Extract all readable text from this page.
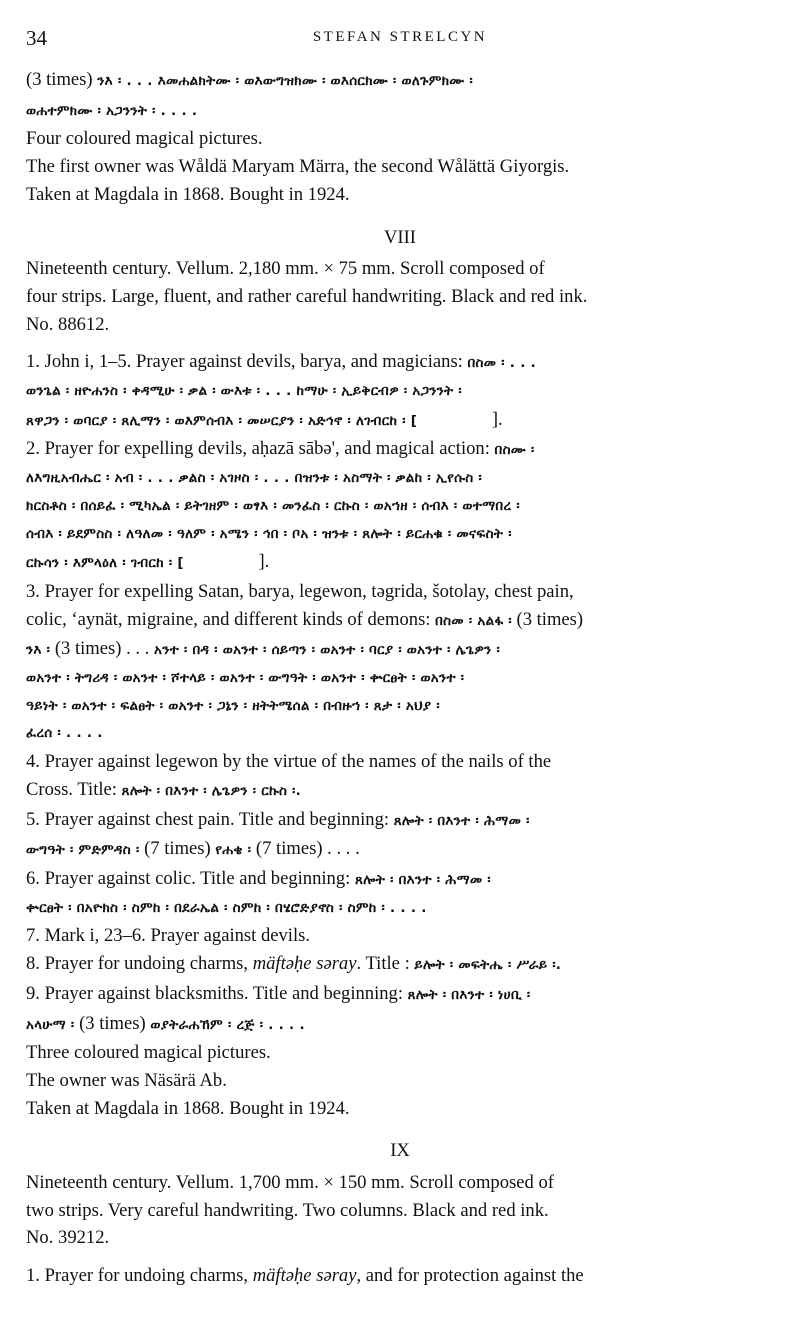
34	STEFAN STRELCYN

(3 times) ንእ ፡ . . . እመሐልክትሙ ፡ ወእውግዝክሙ ፡ ወእሰርክሙ ፡ ወለጉምክሙ ፡

ወሐተምክሙ ፡ አጋንንት ፡ . . . .

Four coloured magical pictures.

The first owner was Wåldä Maryam Märra, the second Wålättä Giyorgis.

Taken at Magdala in 1868. Bought in 1924.

VIII

Nineteenth century. Vellum. 2,180 mm. × 75 mm. Scroll composed of

four strips. Large, fluent, and rather careful handwriting. Black and red ink.

No. 88612.

1. John i, 1–5. Prayer against devils, barya, and magicians: በስመ ፡ . . .

ወንጌል ፡ ዘዮሐንስ ፡ ቀዳሚሁ ፡ ቃል ፡ ውእቱ ፡ . . . ከማሁ ፡ ኢይቅርብዎ ፡ አጋንንት ፡

ጸዋጋን ፡ ወባርያ ፡ ጸሊማን ፡ ወእምሰብእ ፡ መሠርያን ፡ አድኅኖ ፡ ለገብርከ ፡ [	].

2. Prayer for expelling devils, aḥazā sābə', and magical action: በስሙ ፡

ለእግዚአብሔር ፡ አብ ፡ . . . ቃልስ ፡ አገዞስ ፡ . . . በዝንቱ ፡ አስማት ፡ ቃልከ ፡ ኢየሱስ ፡

ክርስቶስ ፡ በሰይፈ ፡ ሚካኤል ፡ ይትገዘም ፡ ወፃእ ፡ መንፈስ ፡ ርኩስ ፡ ወአኀዘ ፡ ሰብእ ፡ ወተማበረ ፡

ሰብእ ፡ ይደምስስ ፡ ለዓለመ ፡ ዓለም ፡ አሜን ፡ ኅበ ፡ ቦአ ፡ ዝንቱ ፡ ጸሎት ፡ ይርሐቁ ፡ መናፍስት ፡

ርኩሳን ፡ እምላዕለ ፡ ገብርከ ፡ [	].

3. Prayer for expelling Satan, barya, legewon, təgrida, šotolay, chest pain,

colic, ‘aynät, migraine, and different kinds of demons: በስመ ፡ አልፋ ፡ (3 times)

ንእ ፡ (3 times) . . . አንተ ፡ በዳ ፡ ወአንተ ፡ ሰይጣን ፡ ወአንተ ፡ ባርያ ፡ ወአንተ ፡ ሌጌዎን ፡

ወአንተ ፡ ትግሪዳ ፡ ወአንተ ፡ ሾተላይ ፡ ወአንተ ፡ ውግዓት ፡ ወአንተ ፡ ቍርፀት ፡ ወአንተ ፡

ዓይነት ፡ ወአንተ ፡ ፍልፀት ፡ ወአንተ ፡ ጋኔን ፡ ዘትትሜሰል ፡ በብዙኀ ፡ ጸታ ፡ አህያ ፡

ፈረሰ ፡ . . . .

4. Prayer against legewon by the virtue of the names of the nails of the

Cross. Title: ጸሎት ፡ በእንተ ፡ ሌጌዎን ፡ ርኩስ ፡.

5. Prayer against chest pain. Title and beginning: ጸሎት ፡ በእንተ ፡ ሕማመ ፡

ውግዓት ፡ ምድምዳስ ፡ (7 times) የሐቄ ፡ (7 times) . . . .

6. Prayer against colic. Title and beginning: ጸሎት ፡ በእንተ ፡ ሕማመ ፡

ቍርፀት ፡ በአዮክስ ፡ ስምከ ፡ በደራኤል ፡ ስምከ ፡ በሄሮድያኖስ ፡ ስምከ ፡ . . . .

7. Mark i, 23–6. Prayer against devils.

8. Prayer for undoing charms, mäftəḥe səray. Title : ይሎት ፡ መፍትሔ ፡ ሥራይ ፡.

9. Prayer against blacksmiths. Title and beginning: ጸሎት ፡ በእንተ ፡ ነሀቢ ፡

አላሁማ ፡ (3 times) ወያትራሐኸም ፡ ረጅ ፡ . . . .

Three coloured magical pictures.

The owner was Näsärä Ab.

Taken at Magdala in 1868. Bought in 1924.

IX

Nineteenth century. Vellum. 1,700 mm. × 150 mm. Scroll composed of

two strips. Very careful handwriting. Two columns. Black and red ink.

No. 39212.

1. Prayer for undoing charms, mäftəḥe səray, and for protection against the
